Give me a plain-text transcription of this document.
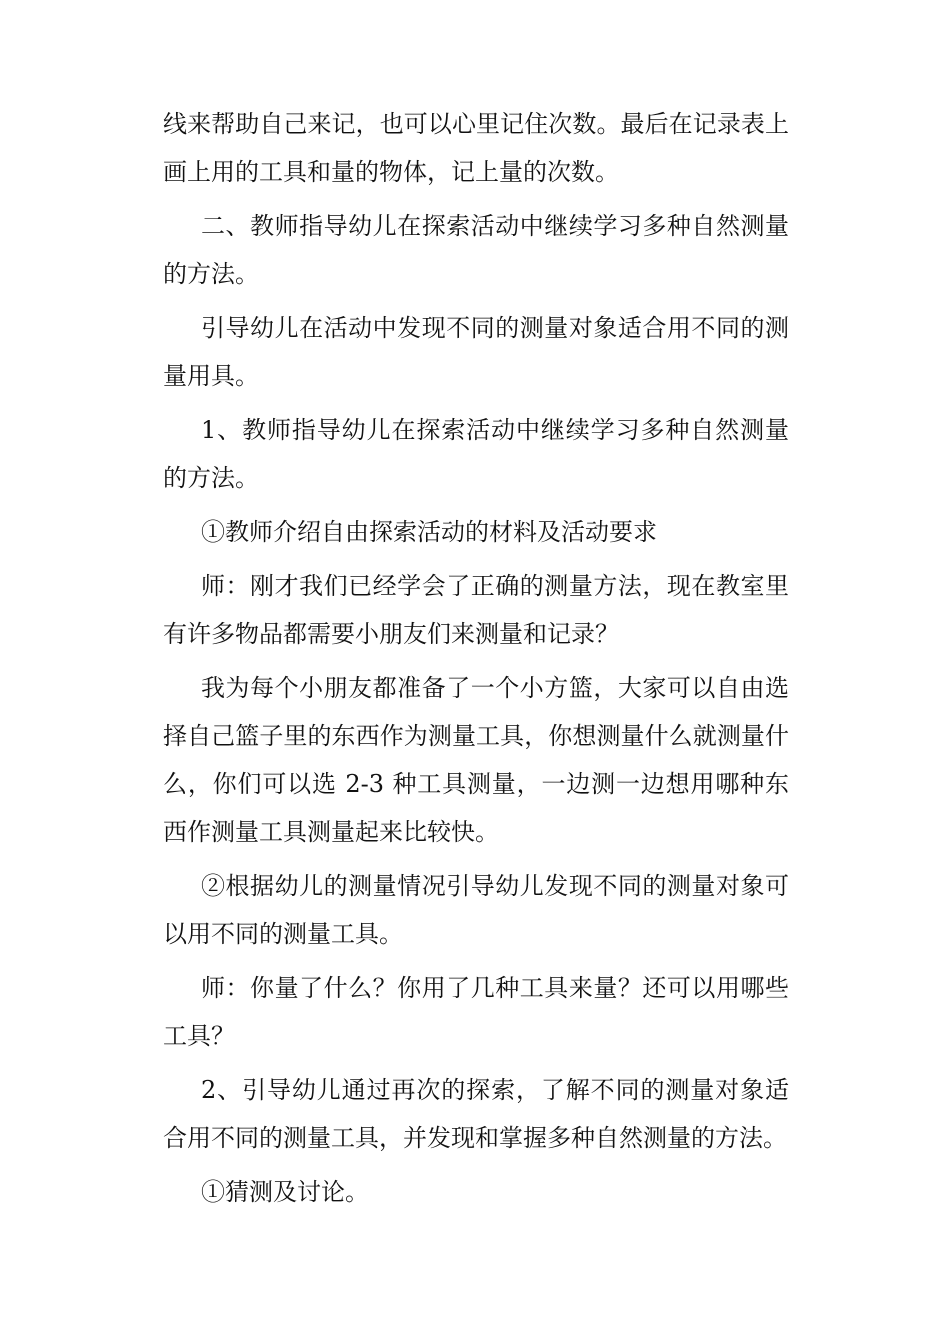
线来帮助自己来记，也可以心里记住次数。最后在记录表上画上用的工具和量的物体，记上量的次数。

二、教师指导幼儿在探索活动中继续学习多种自然测量的方法。

引导幼儿在活动中发现不同的测量对象适合用不同的测量用具。

1、教师指导幼儿在探索活动中继续学习多种自然测量的方法。

①教师介绍自由探索活动的材料及活动要求

师：刚才我们已经学会了正确的测量方法，现在教室里有许多物品都需要小朋友们来测量和记录？

我为每个小朋友都准备了一个小方篮，大家可以自由选择自己篮子里的东西作为测量工具，你想测量什么就测量什么，你们可以选 2-3 种工具测量，一边测一边想用哪种东西作测量工具测量起来比较快。

②根据幼儿的测量情况引导幼儿发现不同的测量对象可以用不同的测量工具。

师：你量了什么？你用了几种工具来量？还可以用哪些工具？

2、引导幼儿通过再次的探索，了解不同的测量对象适合用不同的测量工具，并发现和掌握多种自然测量的方法。

①猜测及讨论。
